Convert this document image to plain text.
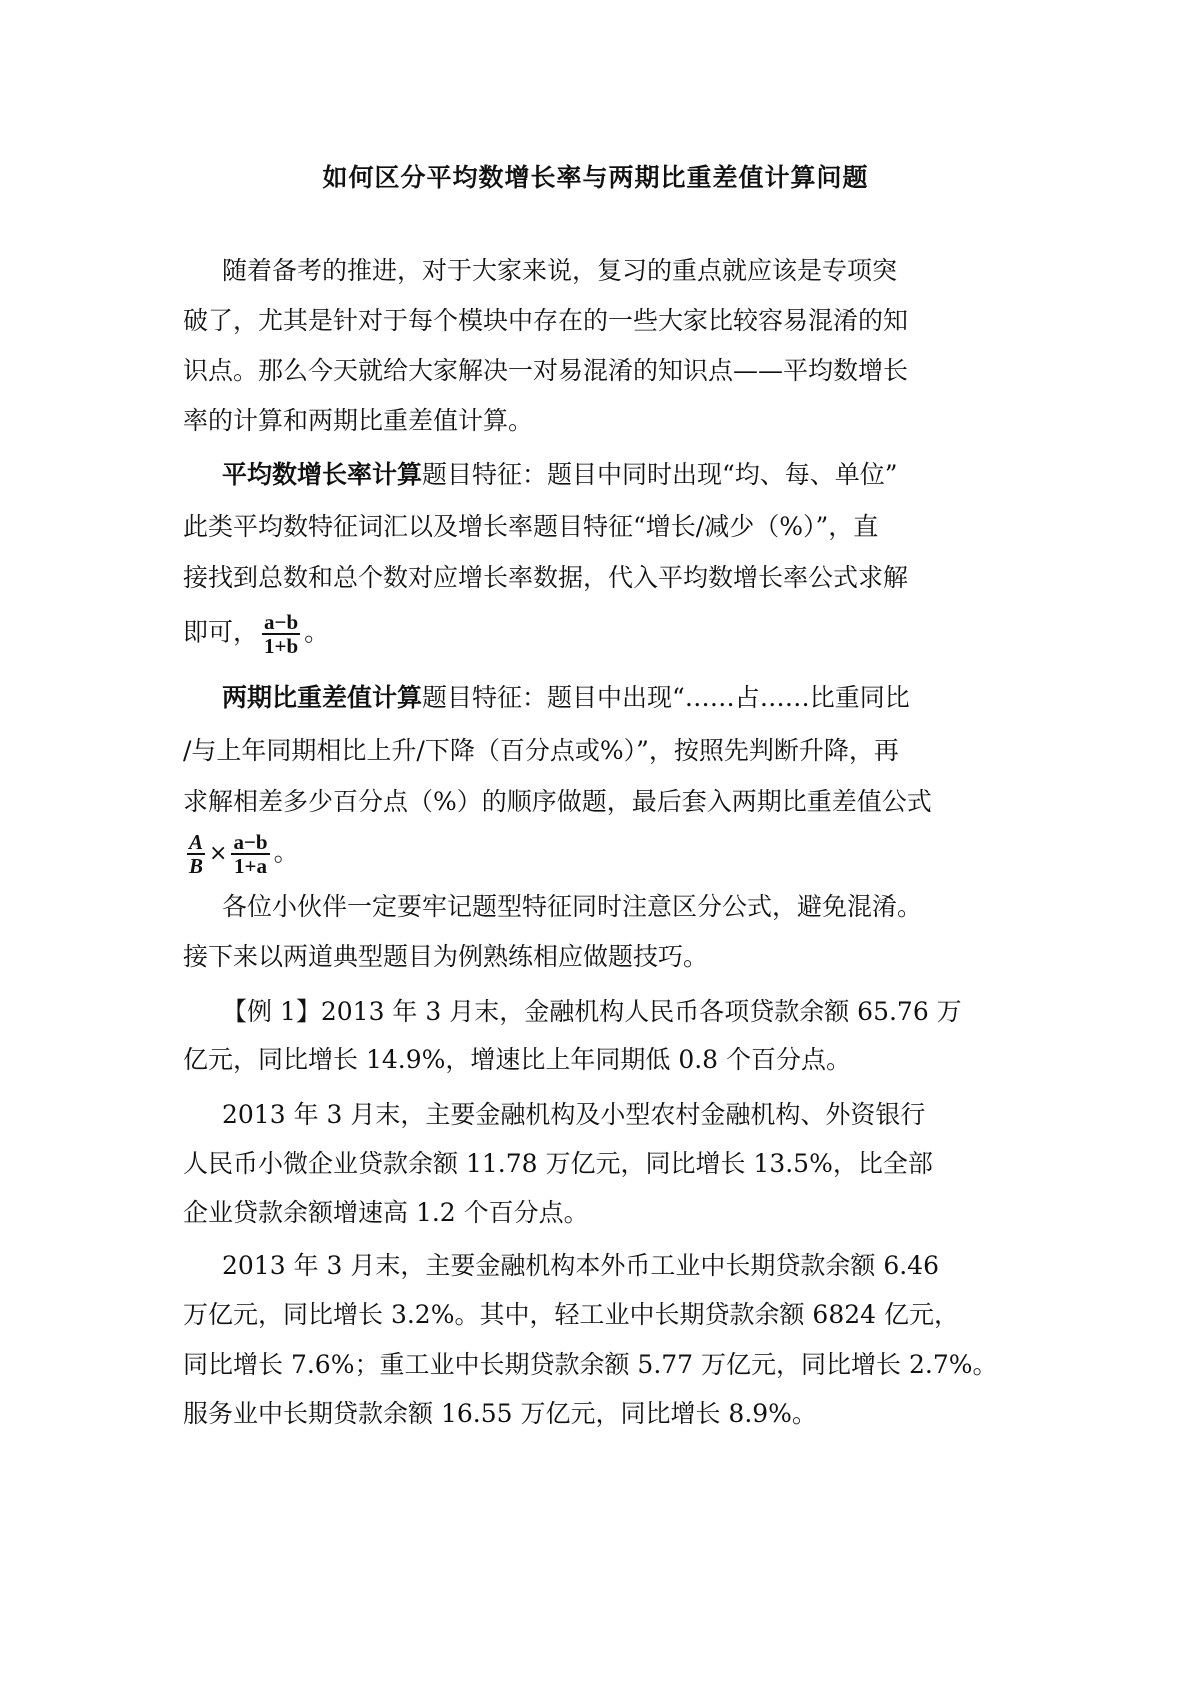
如何区分平均数增长率与两期比重差值计算问题
随着备考的推进，对于大家来说，复习的重点就应该是专项突
破了，尤其是针对于每个模块中存在的一些大家比较容易混淆的知
识点。那么今天就给大家解决一对易混淆的知识点——平均数增长
率的计算和两期比重差值计算。
平均数增长率计算题目特征：题目中同时出现“均、每、单位”
此类平均数特征词汇以及增长率题目特征“增长/减少（%）”，直
接找到总数和总个数对应增长率数据，代入平均数增长率公式求解
即可， $\frac{a-b}{1+b}$ 。
两期比重差值计算题目特征：题目中出现“……占……比重同比
/与上年同期相比上升/下降（百分点或%）”，按照先判断升降，再
求解相差多少百分点（%）的顺序做题，最后套入两期比重差值公式
$\frac{A}{B} \times \frac{a-b}{1+a}$ 。
各位小伙伴一定要牢记题型特征同时注意区分公式，避免混淆。
接下来以两道典型题目为例熟练相应做题技巧。
【例 1】2013 年 3 月末，金融机构人民币各项贷款余额 65.76 万
亿元，同比增长 14.9%，增速比上年同期低 0.8 个百分点。
2013 年 3 月末，主要金融机构及小型农村金融机构、外资银行
人民币小微企业贷款余额 11.78 万亿元，同比增长 13.5%，比全部
企业贷款余额增速高 1.2 个百分点。
2013 年 3 月末，主要金融机构本外币工业中长期贷款余额 6.46
万亿元，同比增长 3.2%。其中，轻工业中长期贷款余额 6824 亿元，
同比增长 7.6%；重工业中长期贷款余额 5.77 万亿元，同比增长 2.7%。
服务业中长期贷款余额 16.55 万亿元，同比增长 8.9%。
